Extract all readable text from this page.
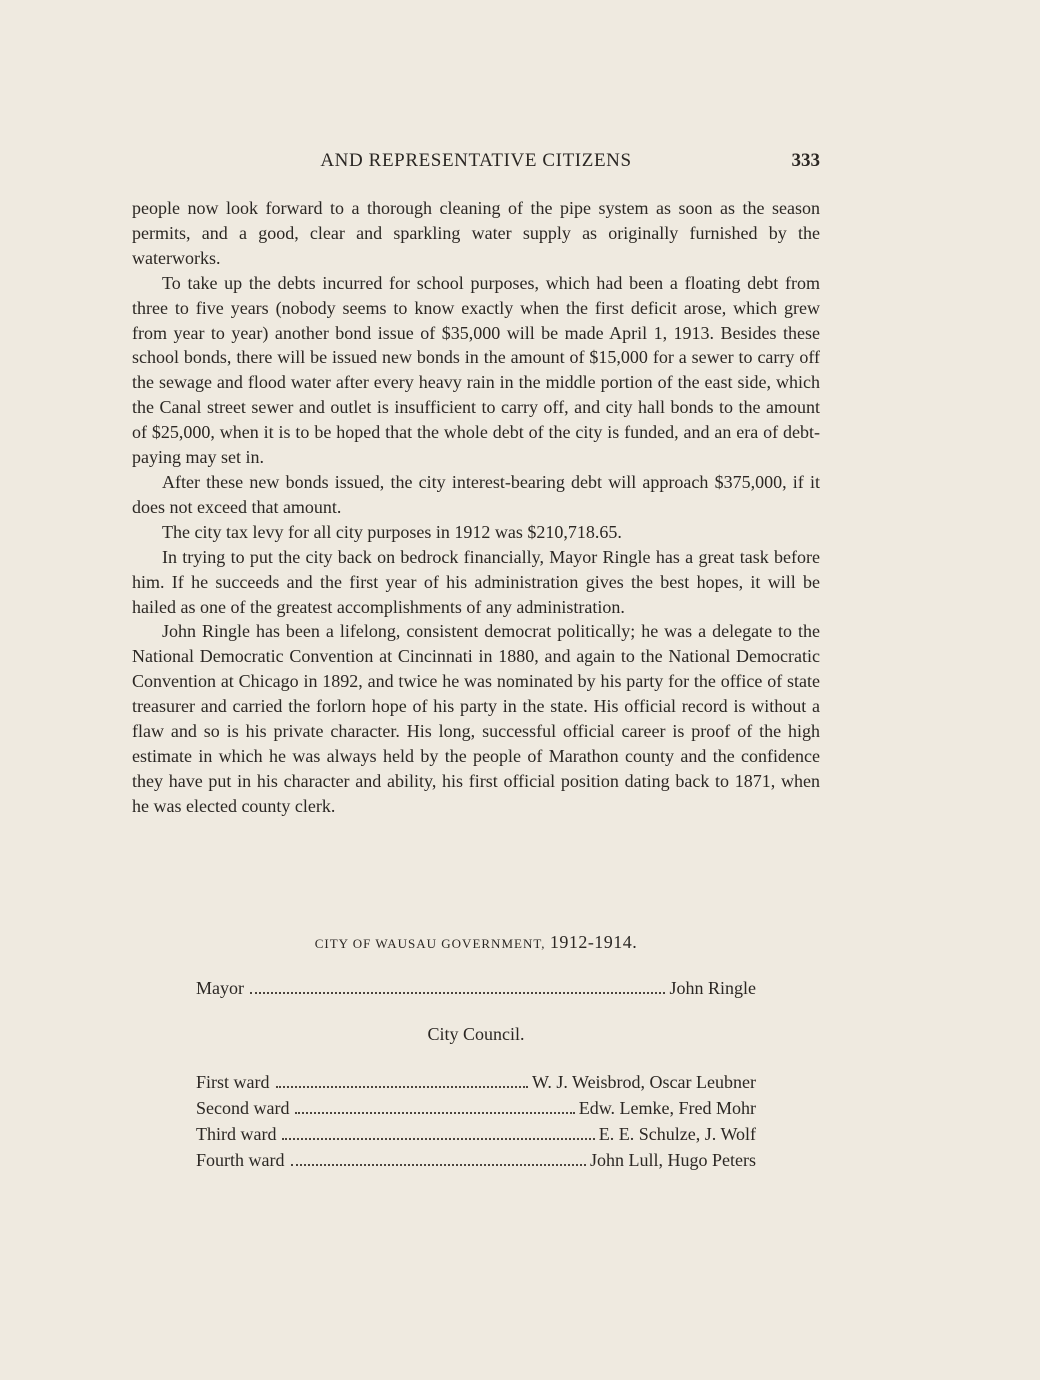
AND REPRESENTATIVE CITIZENS	333

people now look forward to a thorough cleaning of the pipe system as soon as the season permits, and a good, clear and sparkling water supply as originally furnished by the waterworks.

To take up the debts incurred for school purposes, which had been a floating debt from three to five years (nobody seems to know exactly when the first deficit arose, which grew from year to year) another bond issue of $35,000 will be made April 1, 1913. Besides these school bonds, there will be issued new bonds in the amount of $15,000 for a sewer to carry off the sewage and flood water after every heavy rain in the middle portion of the east side, which the Canal street sewer and outlet is insufficient to carry off, and city hall bonds to the amount of $25,000, when it is to be hoped that the whole debt of the city is funded, and an era of debt-paying may set in.

After these new bonds issued, the city interest-bearing debt will approach $375,000, if it does not exceed that amount.

The city tax levy for all city purposes in 1912 was $210,718.65.

In trying to put the city back on bedrock financially, Mayor Ringle has a great task before him. If he succeeds and the first year of his administration gives the best hopes, it will be hailed as one of the greatest accomplishments of any administration.

John Ringle has been a lifelong, consistent democrat politically; he was a delegate to the National Democratic Convention at Cincinnati in 1880, and again to the National Democratic Convention at Chicago in 1892, and twice he was nominated by his party for the office of state treasurer and carried the forlorn hope of his party in the state. His official record is without a flaw and so is his private character. His long, successful official career is proof of the high estimate in which he was always held by the people of Marathon county and the confidence they have put in his character and ability, his first official position dating back to 1871, when he was elected county clerk.

CITY OF WAUSAU GOVERNMENT, 1912-1914.
Mayor	John Ringle
City Council.
First ward	W. J. Weisbrod, Oscar Leubner
Second ward	Edw. Lemke, Fred Mohr
Third ward	E. E. Schulze, J. Wolf
Fourth ward	John Lull, Hugo Peters
